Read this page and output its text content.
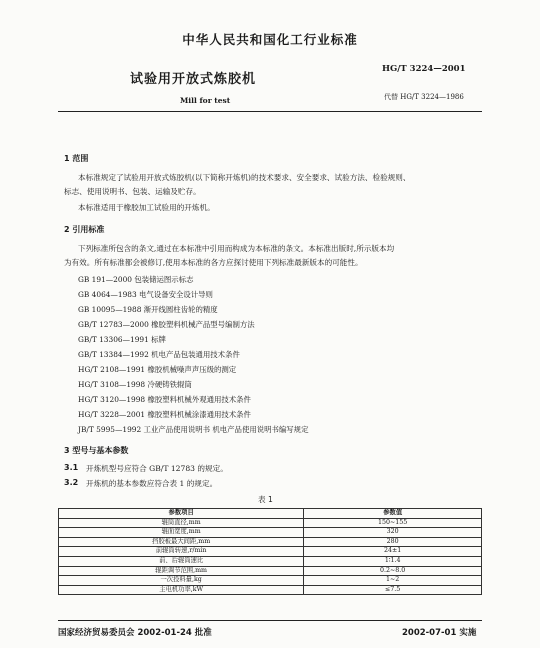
中华人民共和国化工行业标准
试验用开放式炼胶机
Mill for test
HG/T 3224—2001
代替 HG/T 3224—1986
1 范围
本标准规定了试验用开放式炼胶机(以下简称开炼机)的技术要求、安全要求、试验方法、检验规则、
标志、使用说明书、包装、运输及贮存。
本标准适用于橡胶加工试验用的开炼机。
2 引用标准
下列标准所包含的条文,通过在本标准中引用而构成为本标准的条文。本标准出版时,所示版本均
为有效。所有标准都会被修订,使用本标准的各方应探讨使用下列标准最新版本的可能性。
GB 191—2000 包装储运图示标志
GB 4064—1983 电气设备安全设计导则
GB 10095—1988 渐开线圆柱齿轮的精度
GB/T 12783—2000 橡胶塑料机械产品型号编制方法
GB/T 13306—1991 标牌
GB/T 13384—1992 机电产品包装通用技术条件
HG/T 2108—1991 橡胶机械噪声声压级的测定
HG/T 3108—1998 冷硬铸铁辊筒
HG/T 3120—1998 橡胶塑料机械外观通用技术条件
HG/T 3228—2001 橡胶塑料机械涂漆通用技术条件
JB/T 5995—1992 工业产品使用说明书 机电产品使用说明书编写规定
3 型号与基本参数
3.1 开炼机型号应符合 GB/T 12783 的规定。
3.2 开炼机的基本参数应符合表 1 的规定。
表 1
参数项目	参数值
辊筒直径,mm	150~155
辊面宽度,mm	320
挡胶板最大间距,mm	280
前辊筒转速,r/min	24±1
前、后辊筒速比	1∶1.4
辊距调节范围,mm	0.2~8.0
一次投料量,kg	1~2
主电机功率,kW	≤7.5
国家经济贸易委员会 2002-01-24 批准	2002-07-01 实施
